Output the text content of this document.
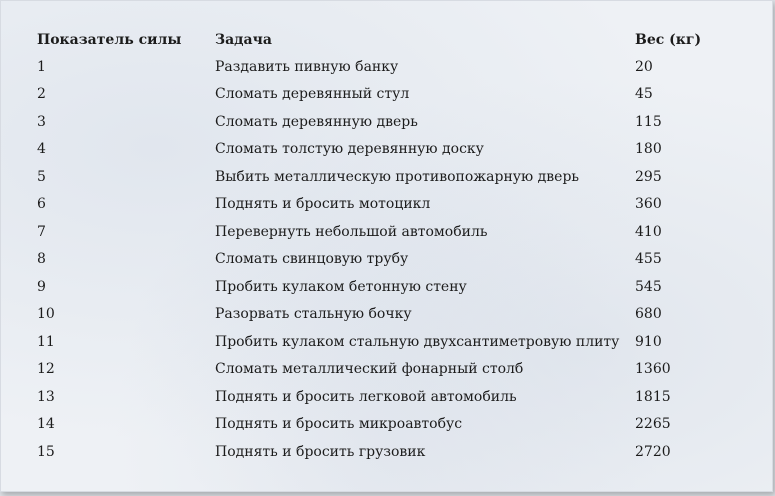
Показатель силы	Задача	Вес (кг)
1	Раздавить пивную банку	20
2	Сломать деревянный стул	45
3	Сломать деревянную дверь	115
4	Сломать толстую деревянную доску	180
5	Выбить металлическую противопожарную дверь	295
6	Поднять и бросить мотоцикл	360
7	Перевернуть небольшой автомобиль	410
8	Сломать свинцовую трубу	455
9	Пробить кулаком бетонную стену	545
10	Разорвать стальную бочку	680
11	Пробить кулаком стальную двухсантиметровую плиту	910
12	Сломать металлический фонарный столб	1360
13	Поднять и бросить легковой автомобиль	1815
14	Поднять и бросить микроавтобус	2265
15	Поднять и бросить грузовик	2720
